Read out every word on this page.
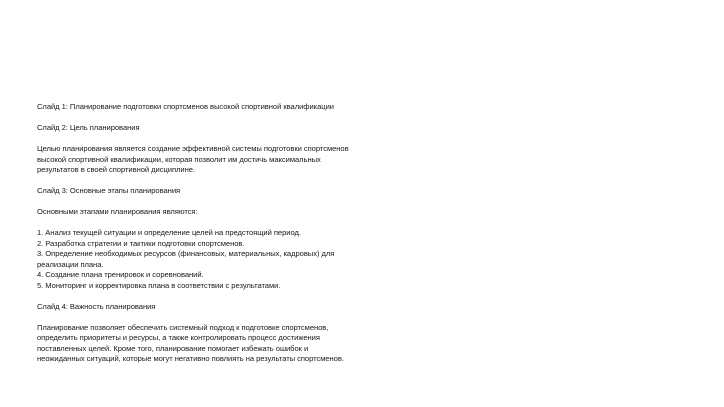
Слайд 1: Планирование подготовки спортсменов высокой спортивной квалификации

Слайд 2: Цель планирования

Целью планирования является создание эффективной системы подготовки спортсменов высокой спортивной квалификации, которая позволит им достичь максимальных результатов в своей спортивной дисциплине.

Слайд 3: Основные этапы планирования

Основными этапами планирования являются:

1. Анализ текущей ситуации и определение целей на предстоящий период.
2. Разработка стратегии и тактики подготовки спортсменов.
3. Определение необходимых ресурсов (финансовых, материальных, кадровых) для реализации плана.
4. Создание плана тренировок и соревнований.
5. Мониторинг и корректировка плана в соответствии с результатами.

Слайд 4: Важность планирования

Планирование позволяет обеспечить системный подход к подготовке спортсменов, определить приоритеты и ресурсы, а также контролировать процесс достижения поставленных целей. Кроме того, планирование помогает избежать ошибок и неожиданных ситуаций, которые могут негативно повлиять на результаты спортсменов.
